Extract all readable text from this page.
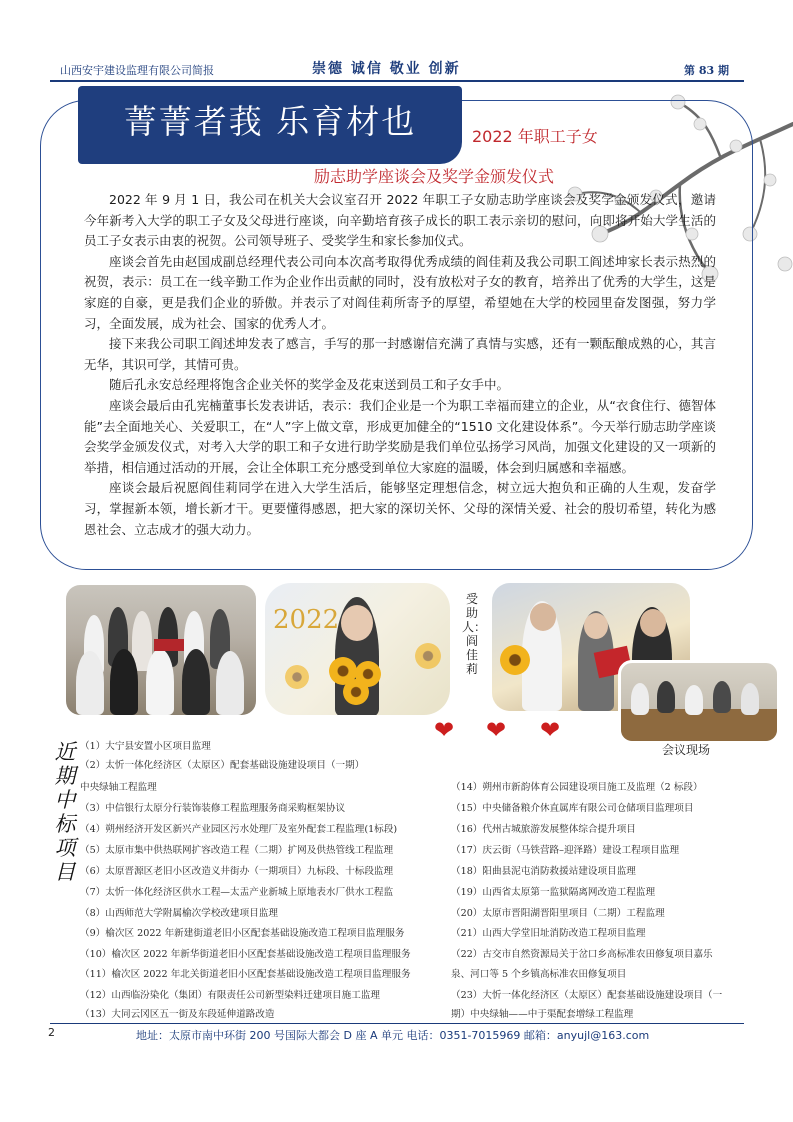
山西安宇建设监理有限公司简报	崇德 诚信 敬业 创新	第 83 期
菁菁者莪 乐育材也	2022 年职工子女
励志助学座谈会及奖学金颁发仪式

2022 年 9 月 1 日，我公司在机关大会议室召开 2022 年职工子女励志助学座谈会及奖学金颁发仪式，邀请今年新考入大学的职工子女及父母进行座谈，向辛勤培育孩子成长的职工表示亲切的慰问，向即将开始大学生活的员工子女表示由衷的祝贺。公司领导班子、受奖学生和家长参加仪式。

座谈会首先由赵国成副总经理代表公司向本次高考取得优秀成绩的阎佳莉及我公司职工阎述坤家长表示热烈的祝贺，表示：员工在一线辛勤工作为企业作出贡献的同时，没有放松对子女的教育，培养出了优秀的大学生，这是家庭的自豪，更是我们企业的骄傲。并表示了对阎佳莉所寄予的厚望，希望她在大学的校园里奋发图强，努力学习，全面发展，成为社会、国家的优秀人才。

接下来我公司职工阎述坤发表了感言，手写的那一封感谢信充满了真情与实感，还有一颗酝酿成熟的心，其言无华，其识可学，其情可贵。

随后孔永安总经理将饱含企业关怀的奖学金及花束送到员工和子女手中。

座谈会最后由孔宪楠董事长发表讲话，表示：我们企业是一个为职工幸福而建立的企业，从“衣食住行、德智体能”去全面地关心、关爱职工，在“人”字上做文章，形成更加健全的“1510 文化建设体系”。今天举行励志助学座谈会奖学金颁发仪式，对考入大学的职工和子女进行助学奖励是我们单位弘扬学习风尚，加强文化建设的又一项新的举措，相信通过活动的开展，会让全体职工充分感受到单位大家庭的温暖，体会到归属感和幸福感。

座谈会最后祝愿阎佳莉同学在进入大学生活后，能够坚定理想信念，树立远大抱负和正确的人生观，发奋学习，掌握新本领，增长新才干。更要懂得感恩，把大家的深切关怀、父母的深情关爱、社会的殷切希望，转化为感恩社会、立志成才的强大动力。

2022
受助人：阎佳莉
会议现场
❤ ❤ ❤
近期中标项目
（1）大宁县安置小区项目监理
（2）太忻一体化经济区（太原区）配套基础设施建设项目（一期）
中央绿轴工程监理
（3）中信银行太原分行装饰装修工程监理服务商采购框架协议
（4）朔州经济开发区新兴产业园区污水处理厂及室外配套工程监理(1标段)
（5）太原市集中供热联网扩容改造工程（二期）扩网及供热管线工程监理
（6）太原晋源区老旧小区改造义井街办（一期项目）九标段、十标段监理
（7）太忻一体化经济区供水工程—太盂产业新城上原地表水厂供水工程监
（8）山西师范大学附属榆次学校改建项目监理
（9）榆次区 2022 年新建街道老旧小区配套基础设施改造工程项目监理服务
（10）榆次区 2022 年新华街道老旧小区配套基础设施改造工程项目监理服务
（11）榆次区 2022 年北关街道老旧小区配套基础设施改造工程项目监理服务
（12）山西临汾染化（集团）有限责任公司新型染料迁建项目施工监理
（13）大同云冈区五一街及东段延伸道路改造
（14）朔州市新韵体育公园建设项目施工及监理（2 标段）
（15）中央储备粮介休直属库有限公司仓储项目监理项目
（16）代州古城旅游发展整体综合提升项目
（17）庆云街（马铁营路–迎泽路）建设工程项目监理
（18）阳曲县泥屯消防救援站建设项目监理
（19）山西省太原第一监狱隔离网改造工程监理
（20）太原市晋阳湖晋阳里项目（二期）工程监理
（21）山西大学堂旧址消防改造工程项目监理
（22）古交市自然资源局关于岔口乡高标准农田修复项目嘉乐
泉、河口等 5 个乡镇高标准农田修复项目
（23）大忻一体化经济区（太原区）配套基础设施建设项目（一
期）中央绿轴——中于渠配套增绿工程监理
2	地址：太原市南中环街 200 号国际大都会 D 座 A 单元 电话：0351-7015969 邮箱：anyujl@163.com
